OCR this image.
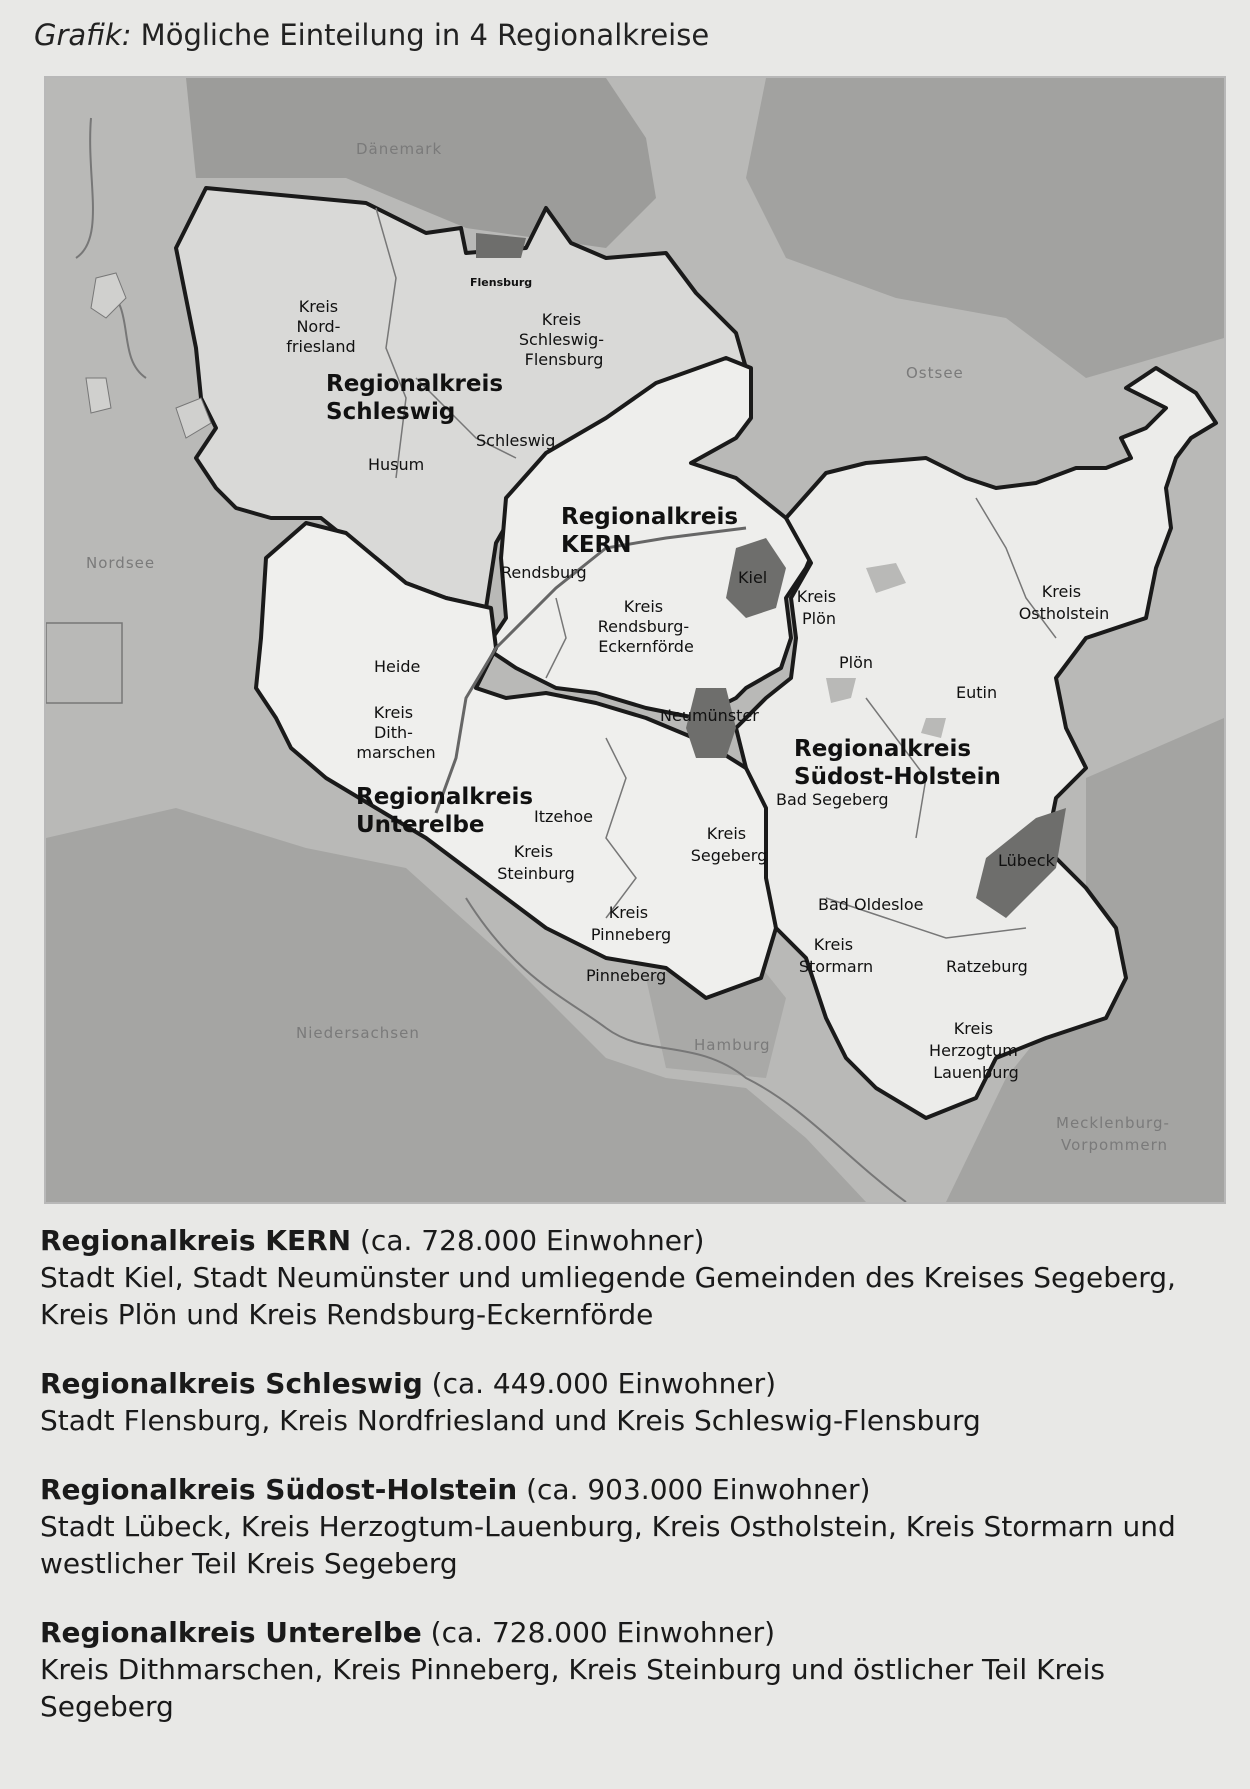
Grafik: Mögliche Einteilung in 4 Regionalkreise
Dänemark
Ostsee
Nordsee
Niedersachsen
Hamburg
Mecklenburg-
Vorpommern
Regionalkreis Schleswig
Regionalkreis KERN
Regionalkreis Südost-Holstein
Regionalkreis Unterelbe
Flensburg
Kreis Nord- friesland
Kreis Schleswig- Flensburg
Schleswig
Husum
Rendsburg	Kiel
Kreis Rendsburg- Eckernförde
Kreis Plön
Plön
Kreis Ostholstein
Eutin
Neumünster
Heide
Kreis Dith- marschen
Itzehoe
Kreis Steinburg
Kreis Segeberg
Bad Segeberg
Lübeck
Bad Oldesloe
Kreis Pinneberg
Pinneberg
Kreis Stormarn	Ratzeburg
Kreis Herzogtum Lauenburg
Regionalkreis KERN (ca. 728.000 Einwohner)
Stadt Kiel, Stadt Neumünster und umliegende Gemeinden des Kreises Segeberg, Kreis Plön und Kreis Rendsburg-Eckernförde
Regionalkreis Schleswig (ca. 449.000 Einwohner)
Stadt Flensburg, Kreis Nordfriesland und Kreis Schleswig-Flensburg
Regionalkreis Südost-Holstein (ca. 903.000 Einwohner)
Stadt Lübeck, Kreis Herzogtum-Lauenburg, Kreis Ostholstein, Kreis Stormarn und westlicher Teil Kreis Segeberg
Regionalkreis Unterelbe (ca. 728.000 Einwohner)
Kreis Dithmarschen, Kreis Pinneberg, Kreis Steinburg und östlicher Teil Kreis Segeberg
